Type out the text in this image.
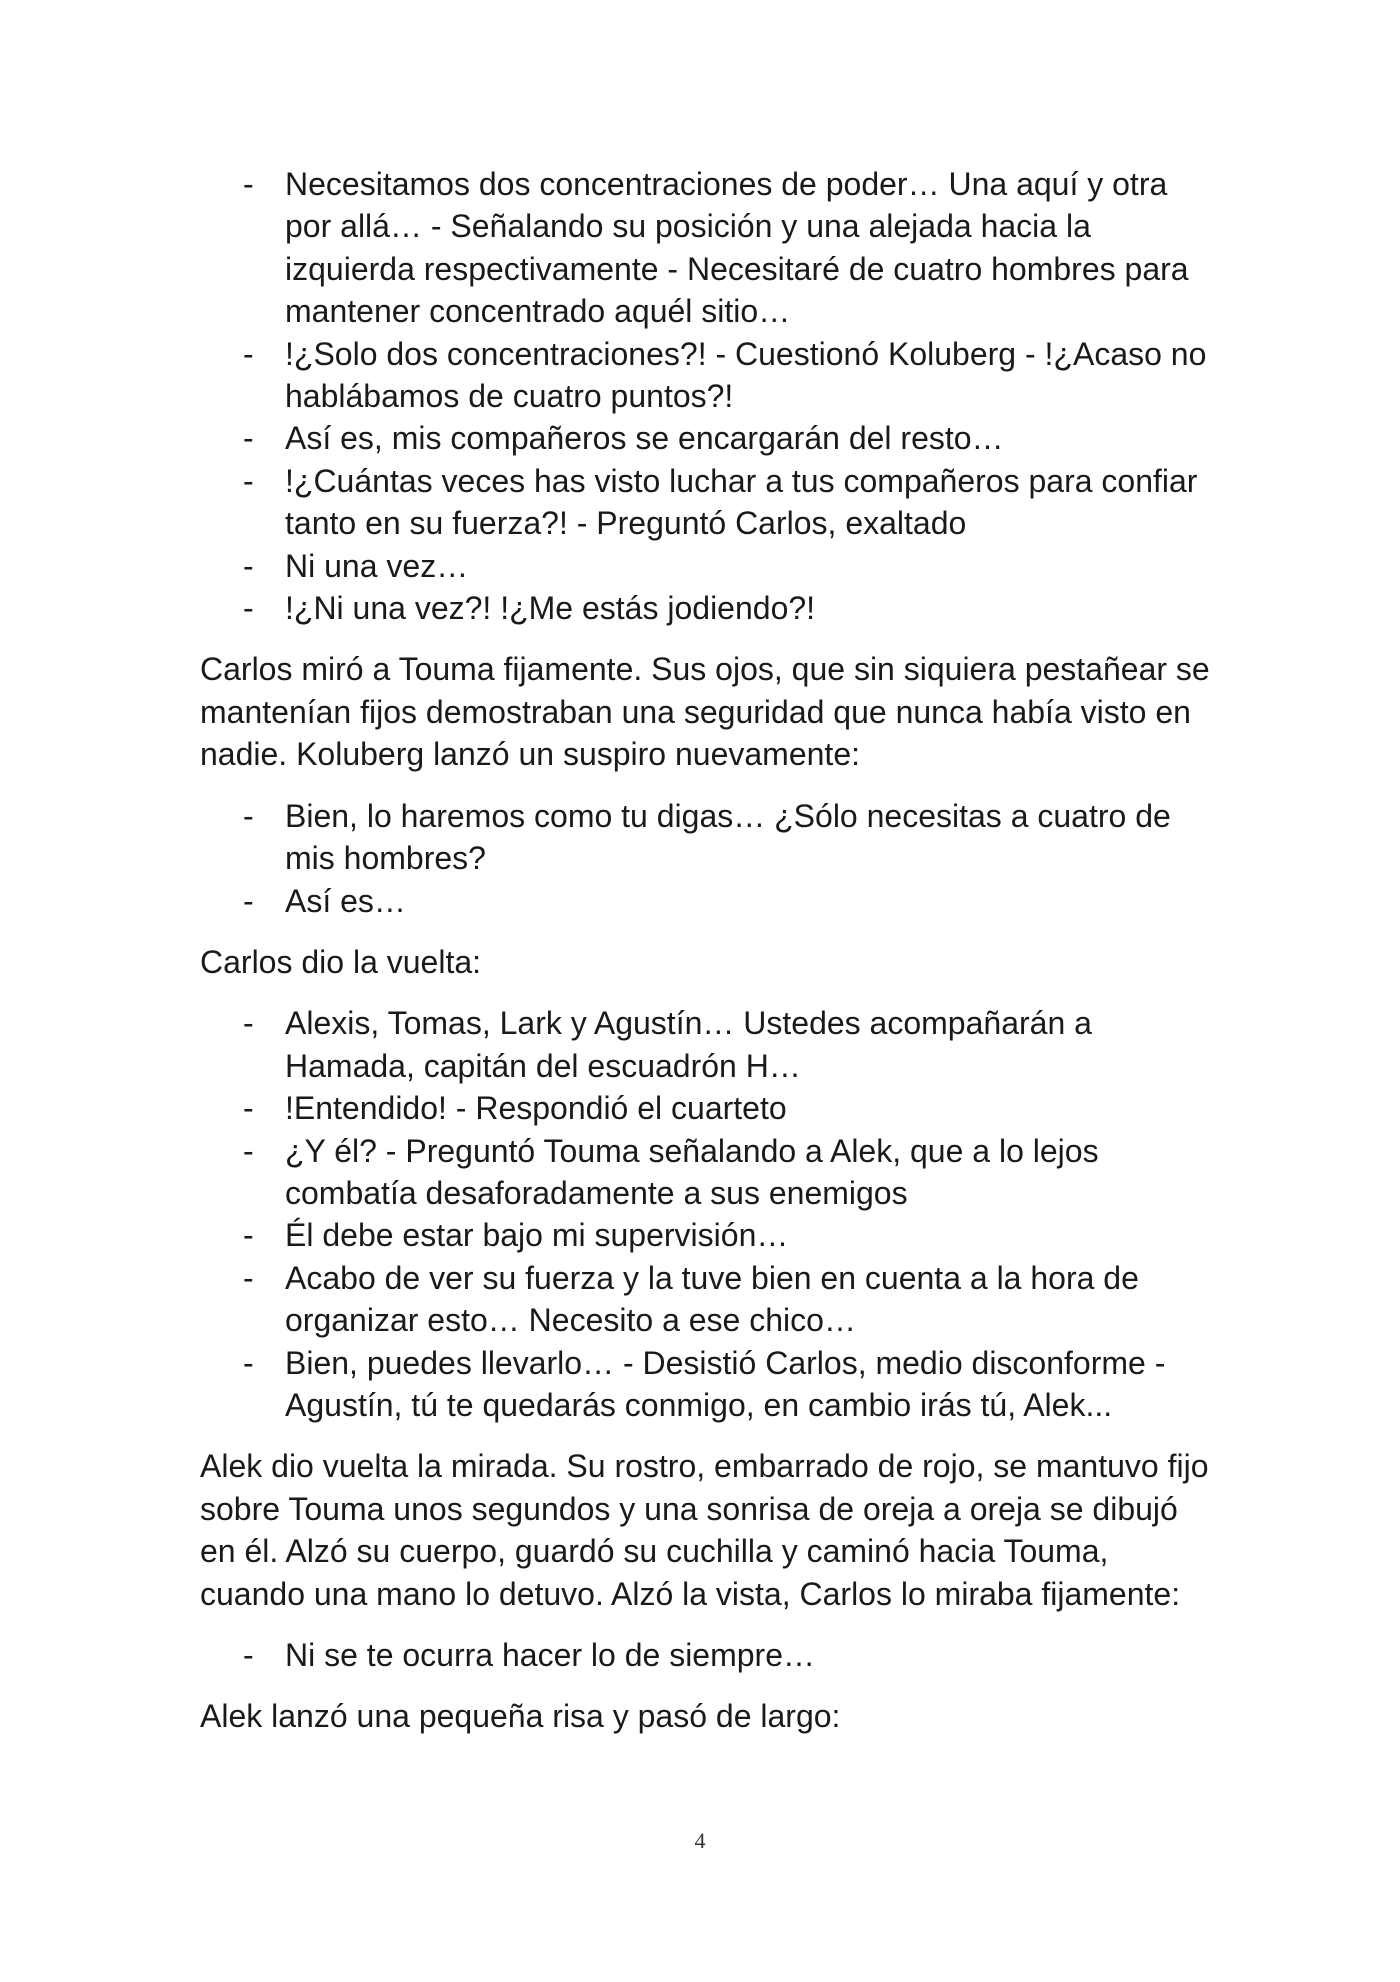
- Necesitamos dos concentraciones de poder… Una aquí y otra por allá… - Señalando su posición y una alejada hacia la izquierda respectivamente - Necesitaré de cuatro hombres para mantener concentrado aquél sitio…
- !¿Solo dos concentraciones?! - Cuestionó Koluberg - !¿Acaso no hablábamos de cuatro puntos?!
- Así es, mis compañeros se encargarán del resto…
- !¿Cuántas veces has visto luchar a tus compañeros para confiar tanto en su fuerza?! - Preguntó Carlos, exaltado
- Ni una vez…
- !¿Ni una vez?! !¿Me estás jodiendo?!

Carlos miró a Touma fijamente. Sus ojos, que sin siquiera pestañear se mantenían fijos demostraban una seguridad que nunca había visto en nadie. Koluberg lanzó un suspiro nuevamente:

- Bien, lo haremos como tu digas… ¿Sólo necesitas a cuatro de mis hombres?
- Así es…

Carlos dio la vuelta:

- Alexis, Tomas, Lark y Agustín… Ustedes acompañarán a Hamada, capitán del escuadrón H…
- !Entendido! - Respondió el cuarteto
- ¿Y él? - Preguntó Touma señalando a Alek, que a lo lejos combatía desaforadamente a sus enemigos
- Él debe estar bajo mi supervisión…
- Acabo de ver su fuerza y la tuve bien en cuenta a la hora de organizar esto… Necesito a ese chico…
- Bien, puedes llevarlo… - Desistió Carlos, medio disconforme - Agustín, tú te quedarás conmigo, en cambio irás tú, Alek...

Alek dio vuelta la mirada. Su rostro, embarrado de rojo, se mantuvo fijo sobre Touma unos segundos y una sonrisa de oreja a oreja se dibujó en él. Alzó su cuerpo, guardó su cuchilla y caminó hacia Touma, cuando una mano lo detuvo. Alzó la vista, Carlos lo miraba fijamente:

- Ni se te ocurra hacer lo de siempre…

Alek lanzó una pequeña risa y pasó de largo:

4
